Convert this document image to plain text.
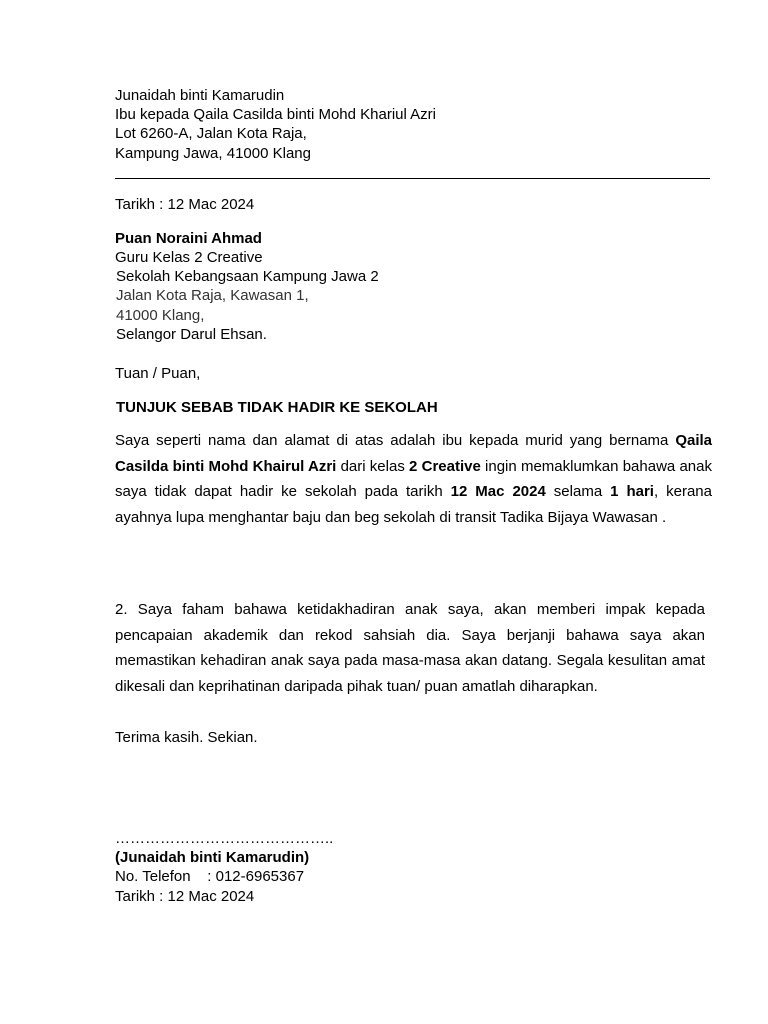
Junaidah binti Kamarudin
Ibu kepada Qaila Casilda binti Mohd Khariul Azri
Lot 6260-A, Jalan Kota Raja,
Kampung Jawa, 41000 Klang
Tarikh : 12 Mac 2024
Puan Noraini Ahmad
Guru Kelas 2 Creative
Sekolah Kebangsaan Kampung Jawa 2
Jalan Kota Raja, Kawasan 1,
41000 Klang,
Selangor Darul Ehsan.
Tuan / Puan,
TUNJUK SEBAB TIDAK HADIR KE SEKOLAH
Saya seperti nama dan alamat di atas adalah ibu kepada murid yang bernama Qaila Casilda binti Mohd Khairul Azri dari kelas 2 Creative ingin memaklumkan bahawa anak saya tidak dapat hadir ke sekolah pada tarikh 12 Mac 2024 selama 1 hari, kerana ayahnya lupa menghantar baju dan beg sekolah di transit Tadika Bijaya Wawasan .
2. Saya faham bahawa ketidakhadiran anak saya, akan memberi impak kepada pencapaian akademik dan rekod sahsiah dia. Saya berjanji bahawa saya akan memastikan kehadiran anak saya pada masa-masa akan datang. Segala kesulitan amat dikesali dan keprihatinan daripada pihak tuan/ puan amatlah diharapkan.
Terima kasih. Sekian.
……………………………………..
(Junaidah binti Kamarudin)
No. Telefon    : 012-6965367
Tarikh : 12 Mac 2024
